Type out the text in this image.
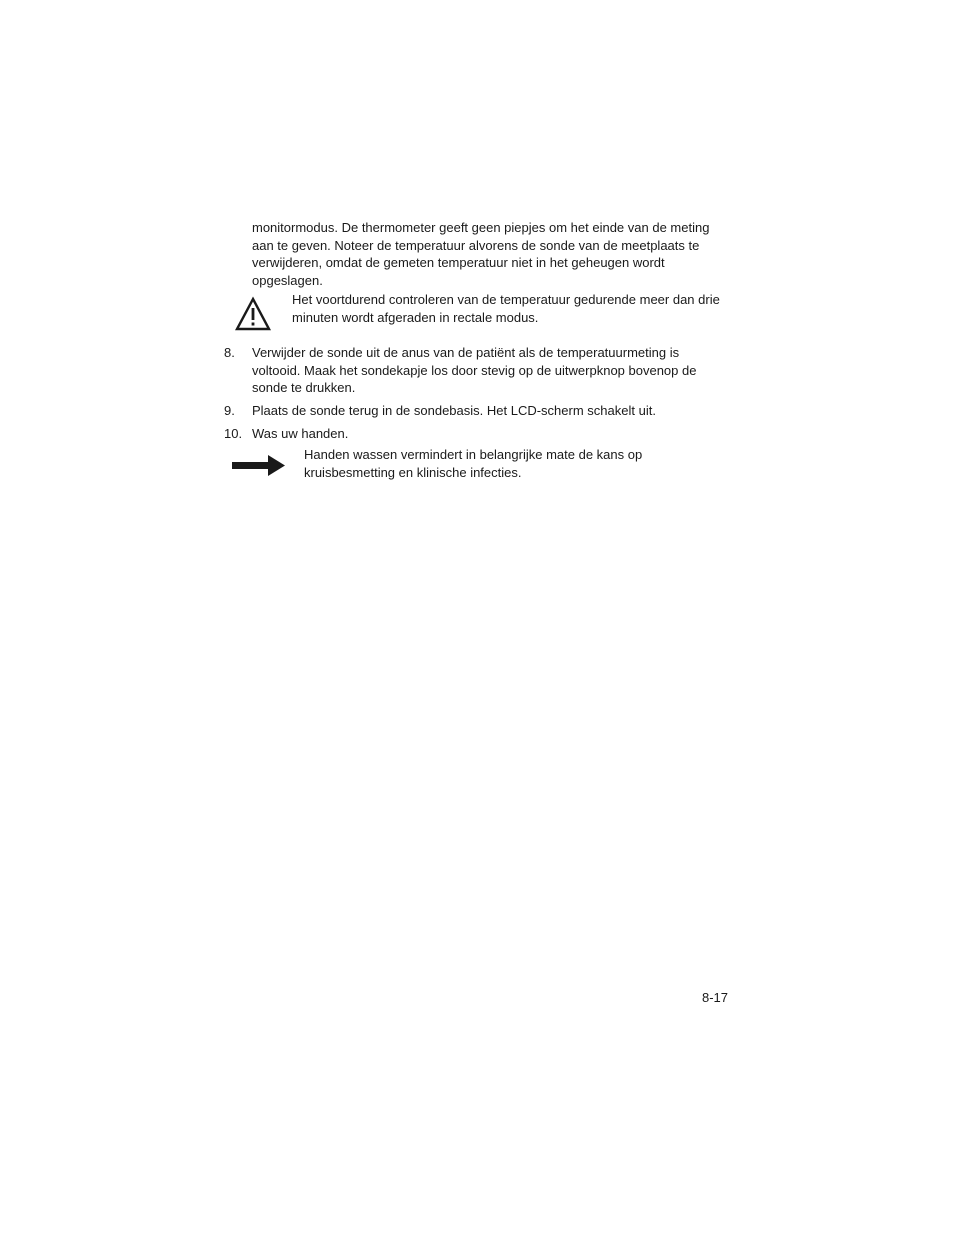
monitormodus. De thermometer geeft geen piepjes om het einde van de meting aan te geven. Noteer de temperatuur alvorens de sonde van de meetplaats te verwijderen, omdat de gemeten temperatuur niet in het geheugen wordt opgeslagen.

Het voortdurend controleren van de temperatuur gedurende meer dan drie minuten wordt afgeraden in rectale modus.

8. Verwijder de sonde uit de anus van de patiënt als de temperatuurmeting is voltooid. Maak het sondekapje los door stevig op de uitwerpknop bovenop de sonde te drukken.
9. Plaats de sonde terug in de sondebasis. Het LCD-scherm schakelt uit.
10. Was uw handen.

Handen wassen vermindert in belangrijke mate de kans op kruisbesmetting en klinische infecties.

8-17
